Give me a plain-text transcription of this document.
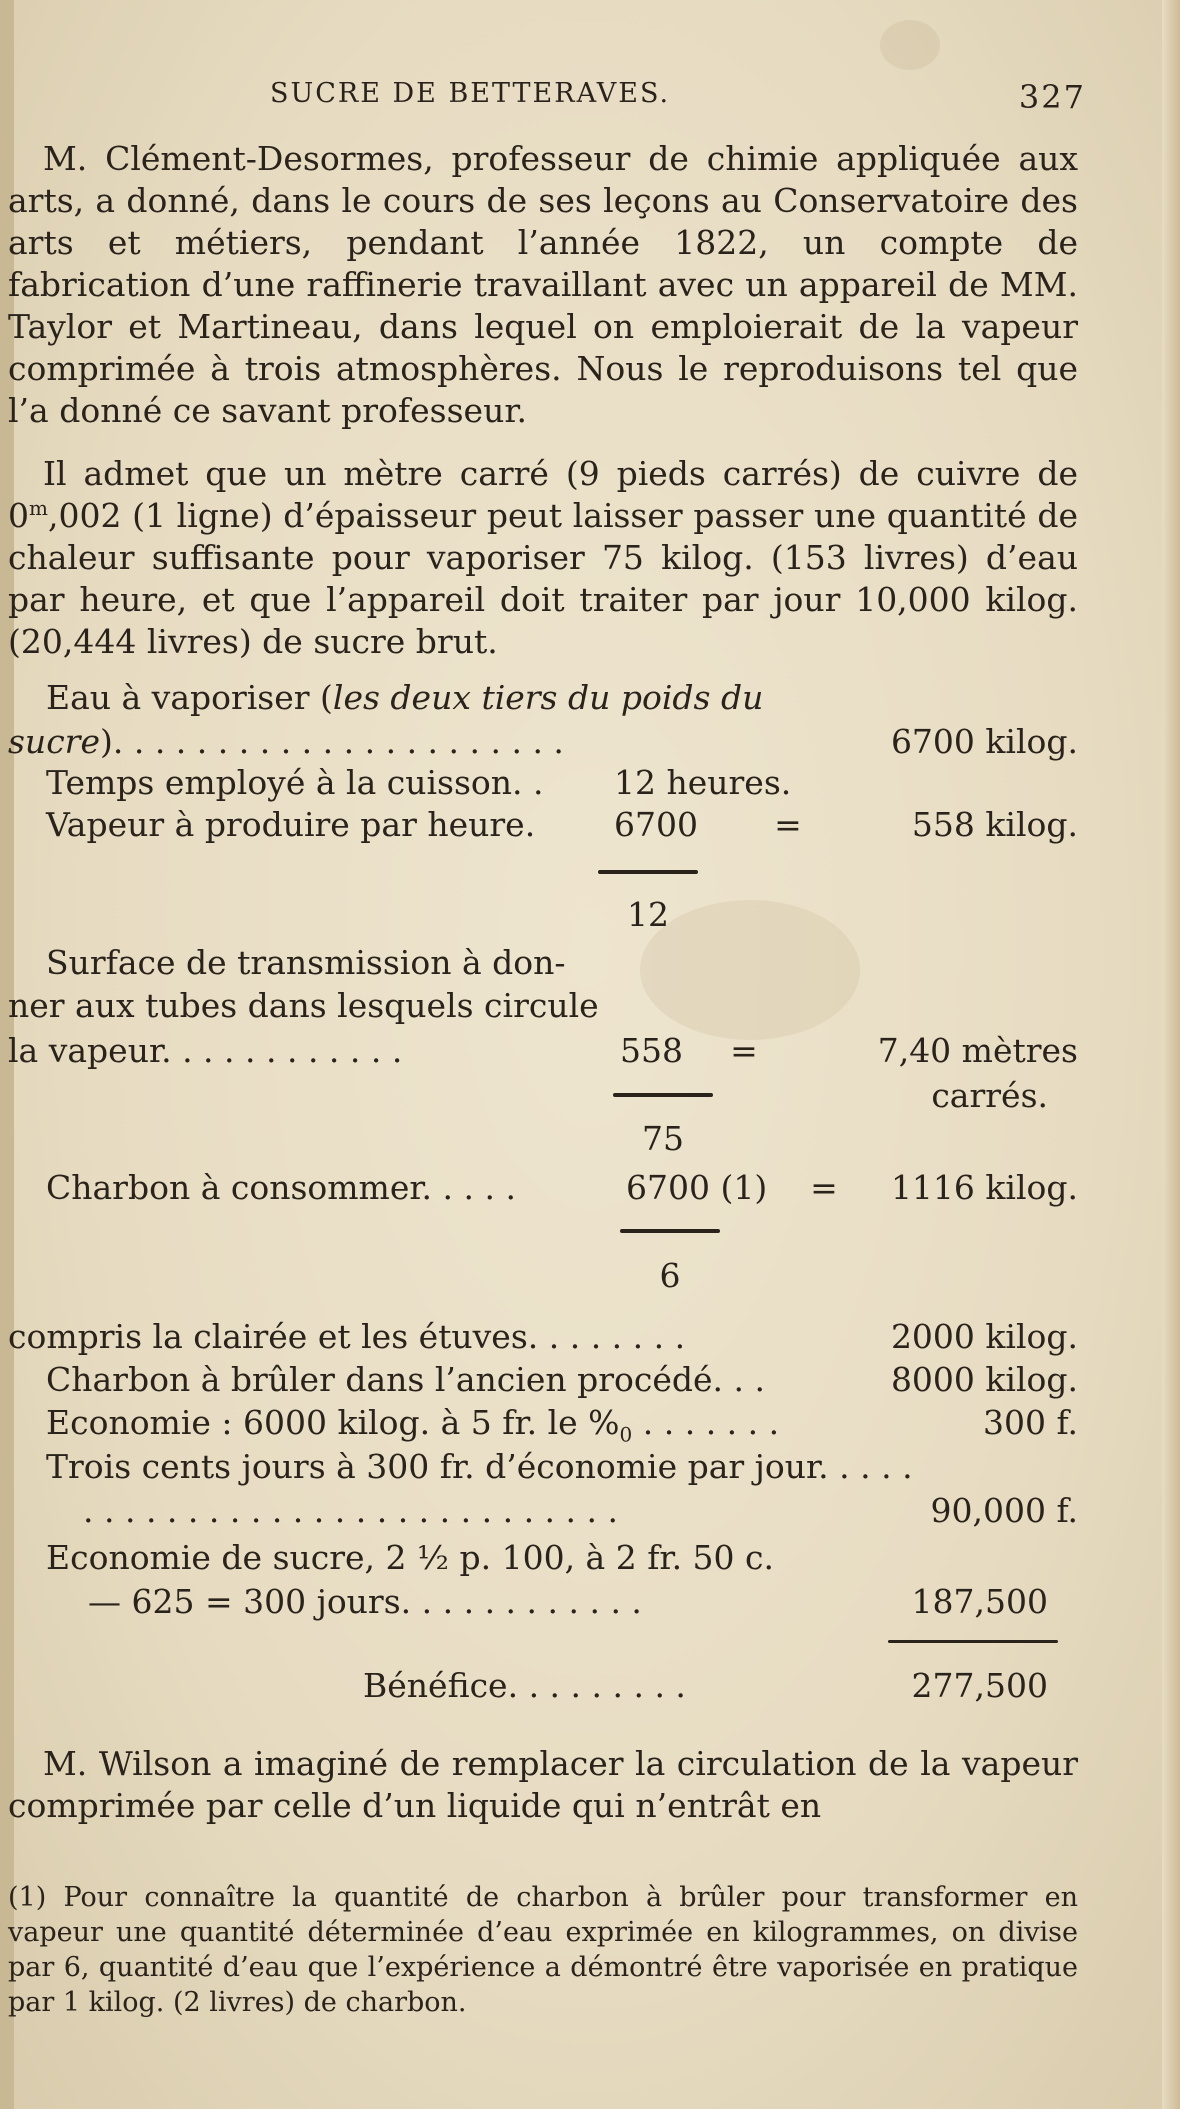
SUCRE DE BETTERAVES.	327

M. Clément-Desormes, professeur de chimie appliquée aux arts, a donné, dans le cours de ses leçons au Conservatoire des arts et métiers, pendant l’année 1822, un compte de fabrication d’une raffinerie travaillant avec un appareil de MM. Taylor et Martineau, dans lequel on emploierait de la vapeur comprimée à trois atmosphères. Nous le reproduisons tel que l’a donné ce savant professeur.

Il admet que un mètre carré (9 pieds carrés) de cuivre de 0$^m$,002 (1 ligne) d’épaisseur peut laisser passer une quantité de chaleur suffisante pour vaporiser 75 kilog. (153 livres) d’eau par heure, et que l’appareil doit traiter par jour 10,000 kilog. (20,444 livres) de sucre brut.

Eau à vaporiser (les deux tiers du poids du
sucre). . . . . . . . . . . . . . . . . . . . . .	6700 kilog.
Temps employé à la cuisson. . 12 heures.
Vapeur à produire par heure. 6700	=	558 kilog.
12
Surface de transmission à don-
ner aux tubes dans lesquels circule
la vapeur. . . . . . . . . . . .	558	=	7,40 mètres
carrés.
75
Charbon à consommer. . . . .	6700 (1)	=	1116 kilog.
6
compris la clairée et les étuves. . . . . . . .	2000 kilog.
Charbon à brûler dans l’ancien procédé. . .	8000 kilog.
Economie : 6000 kilog. à 5 fr. le $\%_0$ . . . . . . .	300 f.
Trois cents jours à 300 fr. d’économie par jour. . . . .
. . . . . . . . . . . . . . . . . . . . . . . . . .	90,000 f.
Economie de sucre, 2 ½ p. 100, à 2 fr. 50 c.
— 625 = 300 jours. . . . . . . . . . . .	187,500
Bénéfice. . . . . . . . .	277,500

M. Wilson a imaginé de remplacer la circulation de la vapeur comprimée par celle d’un liquide qui n’entrât en

(1) Pour connaître la quantité de charbon à brûler pour transformer en vapeur une quantité déterminée d’eau exprimée en kilogrammes, on divise par 6, quantité d’eau que l’expérience a démontré être vaporisée en pratique par 1 kilog. (2 livres) de charbon.
